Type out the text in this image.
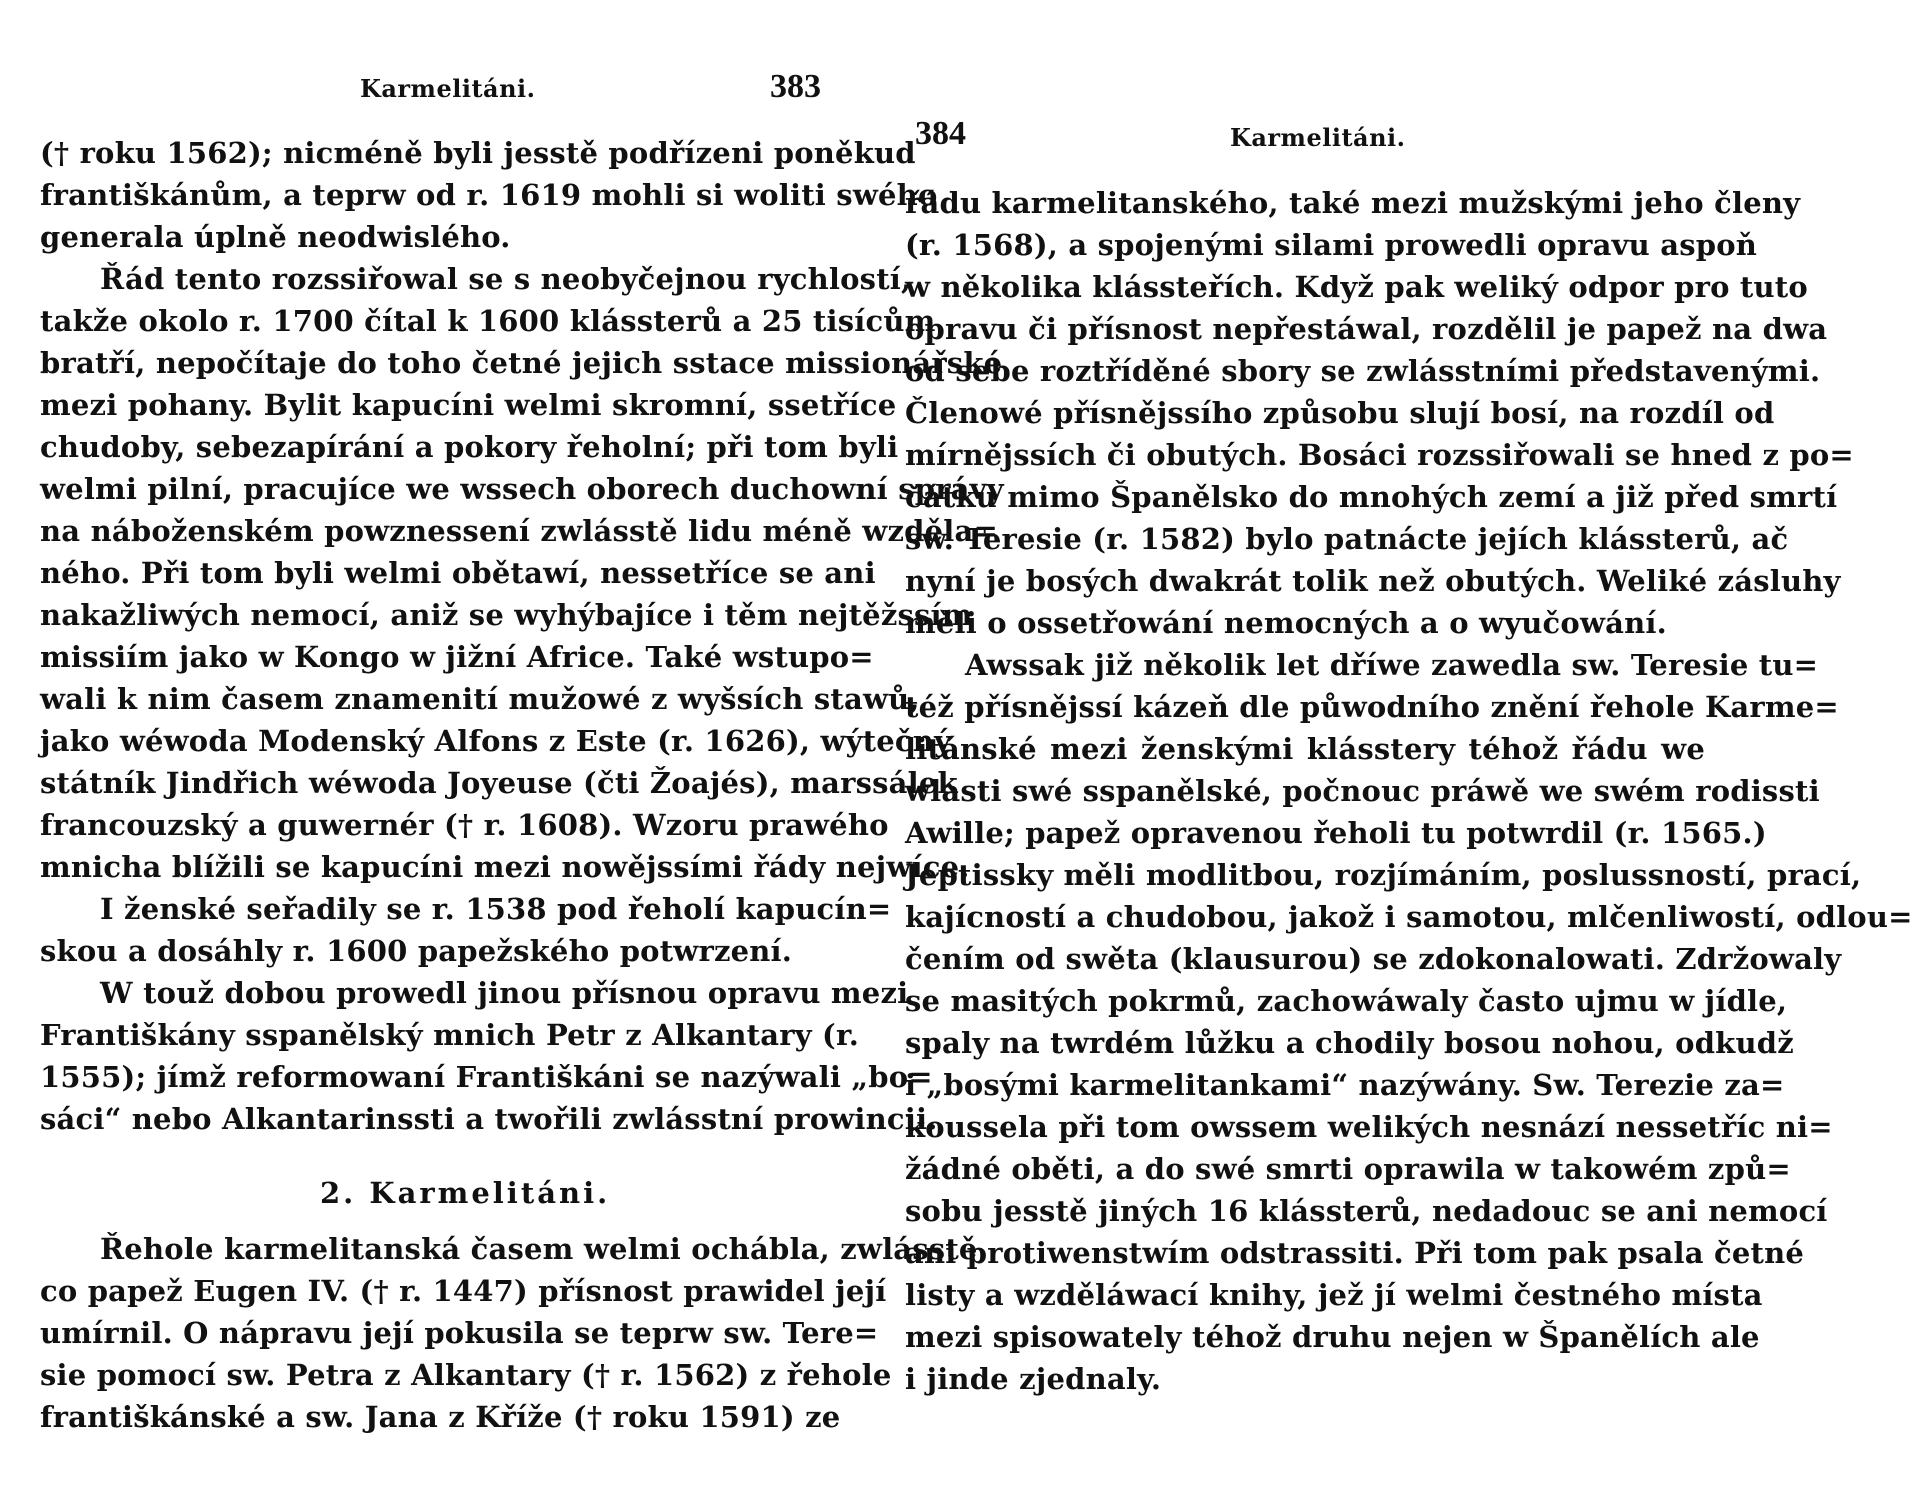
Karmelitáni.	383
(† roku 1562); nicméně byli jesstě podřízeni poněkud
františkánům, a teprw od r. 1619 mohli si woliti swého
generala úplně neodwislého.
Řád tento rozssiřowal se s neobyčejnou rychlostí,
takže okolo r. 1700 čítal k 1600 klássterů a 25 tisícům
bratří, nepočítaje do toho četné jejich sstace missionářské
mezi pohany. Bylit kapucíni welmi skromní, ssetříce
chudoby, sebezapírání a pokory řeholní; při tom byli
welmi pilní, pracujíce we wssech oborech duchowní správy
na náboženském powznessení zwlásstě lidu méně wzděla=
ného. Při tom byli welmi obětawí, nessetříce se ani
nakažliwých nemocí, aniž se wyhýbajíce i těm nejtěžssím
missiím jako w Kongo w jižní Africe. Také wstupo=
wali k nim časem znamenití mužowé z wyšsích stawů,
jako wéwoda Modenský Alfons z Este (r. 1626), wýtečný
státník Jindřich wéwoda Joyeuse (čti Žoajés), marssálek
francouzský a guwernér († r. 1608). Wzoru prawého
mnicha blížili se kapucíni mezi nowějssími řády nejwíce.
I ženské seřadily se r. 1538 pod řeholí kapucín=
skou a dosáhly r. 1600 papežského potwrzení.
W touž dobou prowedl jinou přísnou opravu mezi
Františkány sspanělský mnich Petr z Alkantary (r.
1555); jímž reformowaní Františkáni se nazýwali „bo=
sáci“ nebo Alkantarinssti a twořili zwlásstní prowincii.
2. Karmelitáni.
Řehole karmelitanská časem welmi ochábla, zwlásstě
co papež Eugen IV. († r. 1447) přísnost prawidel její
umírnil. O nápravu její pokusila se teprw sw. Tere=
sie pomocí sw. Petra z Alkantary († r. 1562) z řehole
františkánské a sw. Jana z Kříže († roku 1591) ze
384	Karmelitáni.
řádu karmelitanského, také mezi mužskými jeho členy
(r. 1568), a spojenými silami prowedli opravu aspoň
w několika klássteřích. Když pak weliký odpor pro tuto
opravu či přísnost nepřestáwal, rozdělil je papež na dwa
od sebe roztříděné sbory se zwlásstními představenými.
Členowé přísnějssího způsobu slují bosí, na rozdíl od
mírnějssích či obutých. Bosáci rozssiřowali se hned z po=
čátku mimo Španělsko do mnohých zemí a již před smrtí
sw. Teresie (r. 1582) bylo patnácte jejích klássterů, ač
nyní je bosých dwakrát tolik než obutých. Weliké zásluhy
měli o ossetřowání nemocných a o wyučowání.
Awssak již několik let dříwe zawedla sw. Teresie tu=
též přísnějssí kázeň dle půwodního znění řehole Karme=
litánské mezi ženskými klásstery téhož řádu we
wlasti swé sspanělské, počnouc práwě we swém rodissti
Awille; papež opravenou řeholi tu potwrdil (r. 1565.)
Jeptissky měli modlitbou, rozjímáním, poslussností, prací,
kajícností a chudobou, jakož i samotou, mlčenliwostí, odlou=
čením od swěta (klausurou) se zdokonalowati. Zdržowaly
se masitých pokrmů, zachowáwaly často ujmu w jídle,
spaly na twrdém lůžku a chodily bosou nohou, odkudž
i „bosými karmelitankami“ nazýwány. Sw. Terezie za=
koussela při tom owssem welikých nesnází nessetříc ni=
žádné oběti, a do swé smrti oprawila w takowém způ=
sobu jesstě jiných 16 klássterů, nedadouc se ani nemocí
ani protiwenstwím odstrassiti. Při tom pak psala četné
listy a wzděláwací knihy, jež jí welmi čestného místa
mezi spisowately téhož druhu nejen w Španělích ale
i jinde zjednaly.
